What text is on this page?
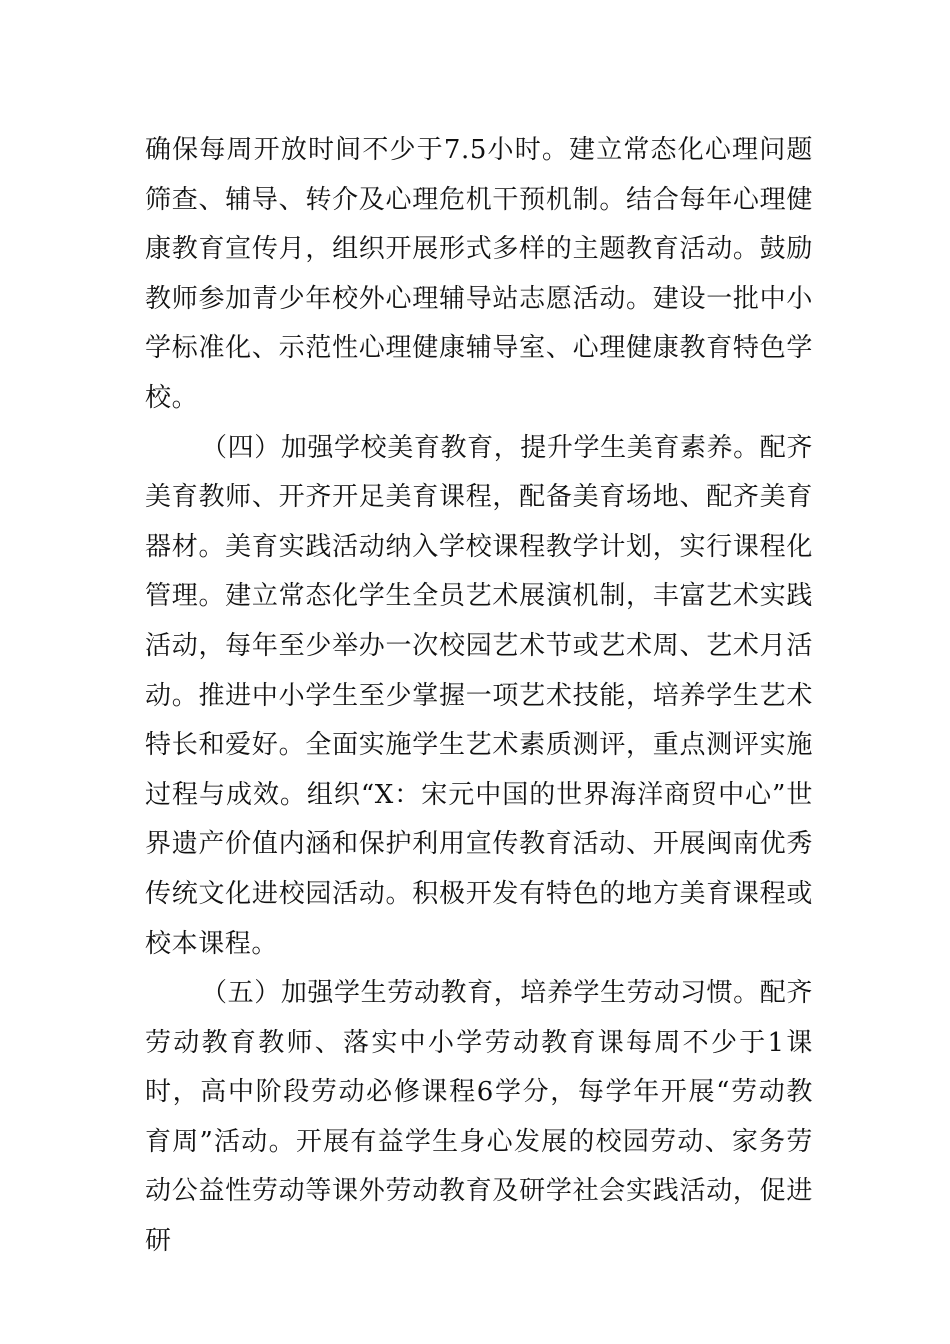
确保每周开放时间不少于7.5小时。建立常态化心理问题筛查、辅导、转介及心理危机干预机制。结合每年心理健康教育宣传月，组织开展形式多样的主题教育活动。鼓励教师参加青少年校外心理辅导站志愿活动。建设一批中小学标准化、示范性心理健康辅导室、心理健康教育特色学校。

（四）加强学校美育教育，提升学生美育素养。配齐美育教师、开齐开足美育课程，配备美育场地、配齐美育器材。美育实践活动纳入学校课程教学计划，实行课程化管理。建立常态化学生全员艺术展演机制，丰富艺术实践活动，每年至少举办一次校园艺术节或艺术周、艺术月活动。推进中小学生至少掌握一项艺术技能，培养学生艺术特长和爱好。全面实施学生艺术素质测评，重点测评实施过程与成效。组织“X：宋元中国的世界海洋商贸中心”世界遗产价值内涵和保护利用宣传教育活动、开展闽南优秀传统文化进校园活动。积极开发有特色的地方美育课程或校本课程。

（五）加强学生劳动教育，培养学生劳动习惯。配齐劳动教育教师、落实中小学劳动教育课每周不少于1课时，高中阶段劳动必修课程6学分，每学年开展“劳动教育周”活动。开展有益学生身心发展的校园劳动、家务劳动公益性劳动等课外劳动教育及研学社会实践活动，促进研
